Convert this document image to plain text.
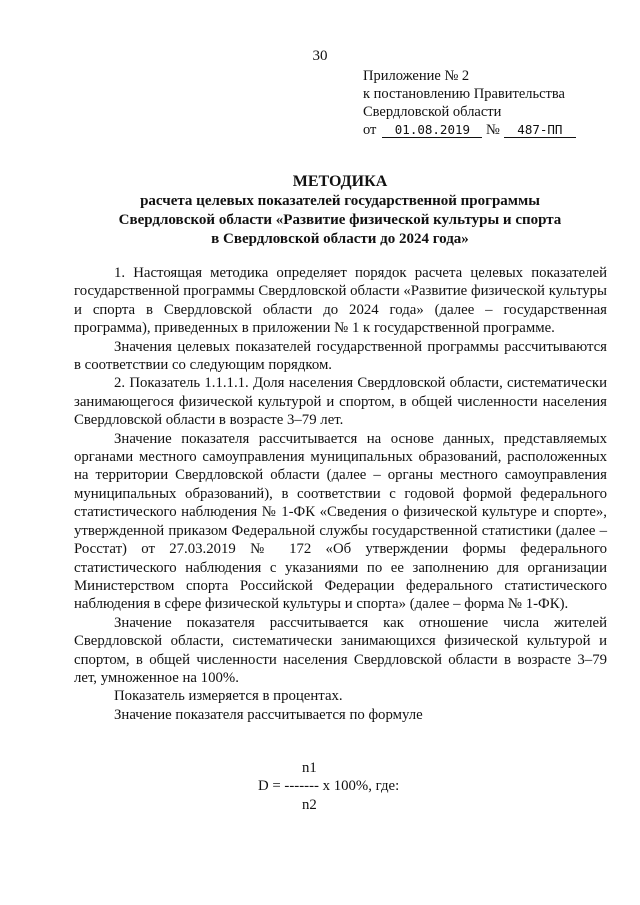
30
Приложение № 2
к постановлению Правительства
Свердловской области
от 01.08.2019 № 487-ПП
МЕТОДИКА
расчета целевых показателей государственной программы
Свердловской области «Развитие физической культуры и спорта
в Свердловской области до 2024 года»

1. Настоящая методика определяет порядок расчета целевых показателей государственной программы Свердловской области «Развитие физической культуры и спорта в Свердловской области до 2024 года» (далее – государственная программа), приведенных в приложении № 1 к государственной программе.

Значения целевых показателей государственной программы рассчитываются в соответствии со следующим порядком.

2. Показатель 1.1.1.1. Доля населения Свердловской области, систематически занимающегося физической культурой и спортом, в общей численности населения Свердловской области в возрасте 3–79 лет.

Значение показателя рассчитывается на основе данных, представляемых органами местного самоуправления муниципальных образований, расположенных на территории Свердловской области (далее – органы местного самоуправления муниципальных образований), в соответствии с годовой формой федерального статистического наблюдения № 1-ФК «Сведения о физической культуре и спорте», утвержденной приказом Федеральной службы государственной статистики (далее – Росстат) от 27.03.2019 № 172 «Об утверждении формы федерального статистического наблюдения с указаниями по ее заполнению для организации Министерством спорта Российской Федерации федерального статистического наблюдения в сфере физической культуры и спорта» (далее – форма № 1-ФК).

Значение показателя рассчитывается как отношение числа жителей Свердловской области, систематически занимающихся физической культурой и спортом, в общей численности населения Свердловской области в возрасте 3–79 лет, умноженное на 100%.

Показатель измеряется в процентах.

Значение показателя рассчитывается по формуле

n1
D = ------- x 100%, где:
n2
